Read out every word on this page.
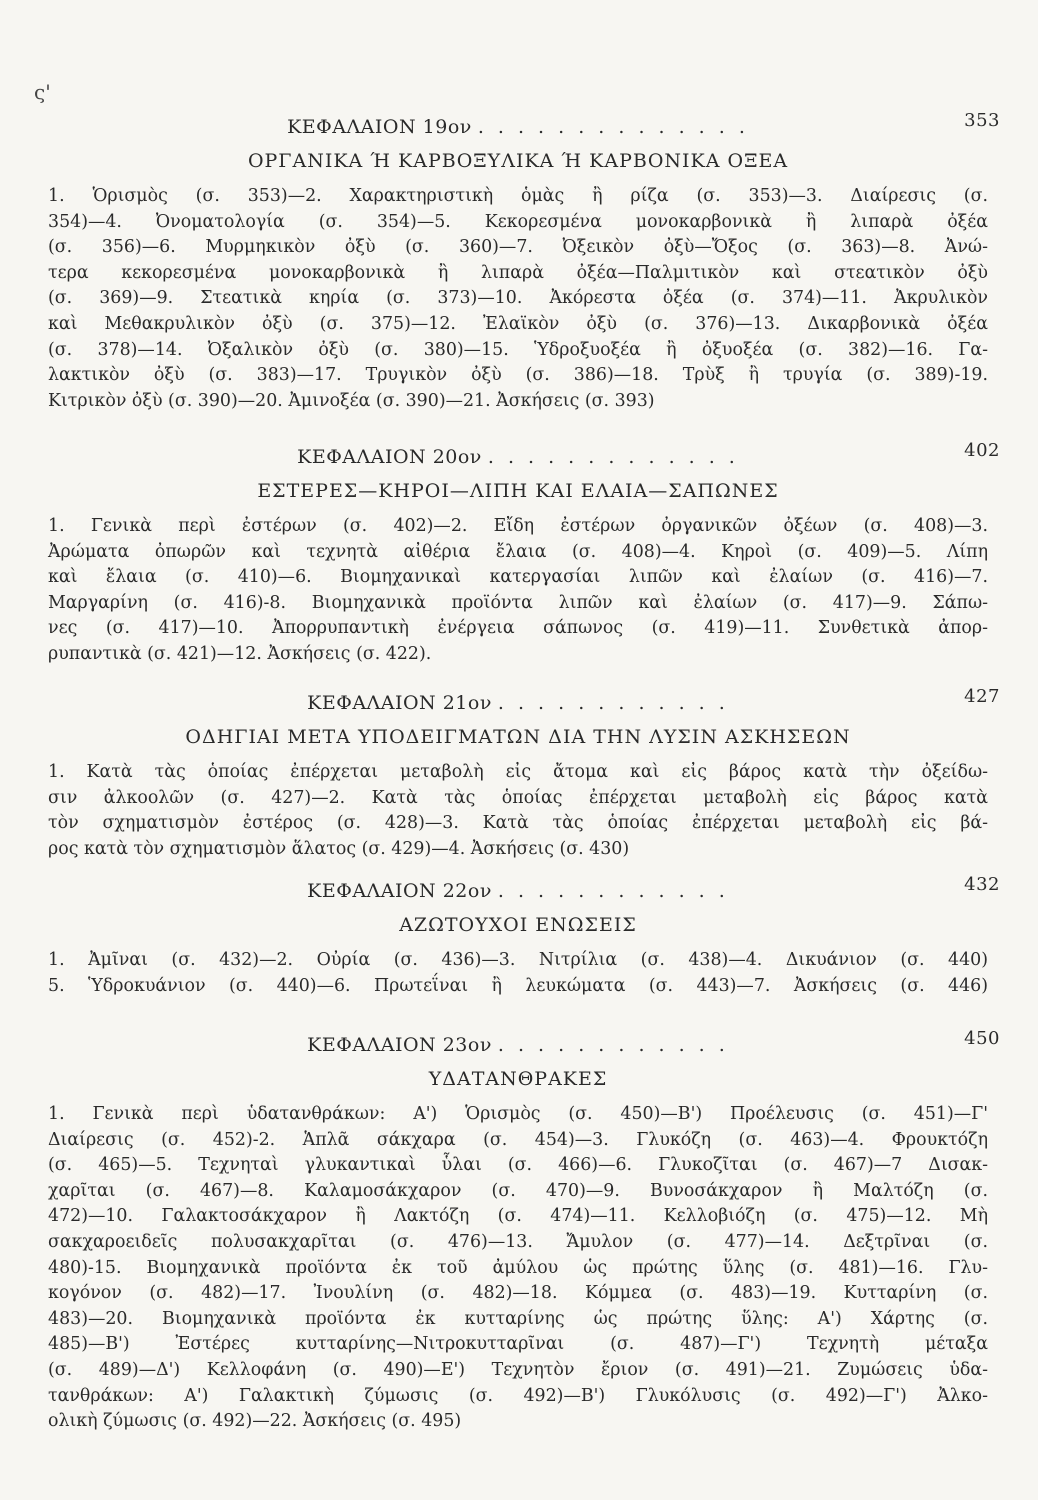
ς'
ΚΕΦΑΛΑΙΟΝ 19ον . . . . . . . . . . . . . .	353
ΟΡΓΑΝΙΚΑ Ή ΚΑΡΒΟΞΥΛΙΚΑ Ή ΚΑΡΒΟΝΙΚΑ ΟΞΕΑ
1. Ὁρισμὸς (σ. 353)—2. Χαρακτηριστικὴ ὁμὰς ἢ ρίζα (σ. 353)—3. Διαίρεσις (σ.
354)—4. Ὀνοματολογία (σ. 354)—5. Κεκορεσμένα μονοκαρβονικὰ ἢ λιπαρὰ ὀξέα
(σ. 356)—6. Μυρμηκικὸν ὀξὺ (σ. 360)—7. Ὀξεικὸν ὀξὺ—Ὄξος (σ. 363)—8. Ἀνώ-
τερα κεκορεσμένα μονοκαρβονικὰ ἢ λιπαρὰ ὀξέα—Παλμιτικὸν καὶ στεατικὸν ὀξὺ
(σ. 369)—9. Στεατικὰ κηρία (σ. 373)—10. Ἀκόρεστα ὀξέα (σ. 374)—11. Ἀκρυλικὸν
καὶ Μεθακρυλικὸν ὀξὺ (σ. 375)—12. Ἐλαϊκὸν ὀξὺ (σ. 376)—13. Δικαρβονικὰ ὀξέα
(σ. 378)—14. Ὀξαλικὸν ὀξὺ (σ. 380)—15. Ὑδροξυοξέα ἢ ὀξυοξέα (σ. 382)—16. Γα-
λακτικὸν ὀξὺ (σ. 383)—17. Τρυγικὸν ὀξὺ (σ. 386)—18. Τρὺξ ἢ τρυγία (σ. 389)-19.
Κιτρικὸν ὀξὺ (σ. 390)—20. Ἀμινοξέα (σ. 390)—21. Ἀσκήσεις (σ. 393)
ΚΕΦΑΛΑΙΟΝ 20ον . . . . . . . . . . . . .	402
ΕΣΤΕΡΕΣ—ΚΗΡΟΙ—ΛΙΠΗ ΚΑΙ ΕΛΑΙΑ—ΣΑΠΩΝΕΣ
1. Γενικὰ περὶ ἐστέρων (σ. 402)—2. Εἴδη ἐστέρων ὀργανικῶν ὀξέων (σ. 408)—3.
Ἀρώματα ὀπωρῶν καὶ τεχνητὰ αἰθέρια ἔλαια (σ. 408)—4. Κηροὶ (σ. 409)—5. Λίπη
καὶ ἔλαια (σ. 410)—6. Βιομηχανικαὶ κατεργασίαι λιπῶν καὶ ἐλαίων (σ. 416)—7.
Μαργαρίνη (σ. 416)-8. Βιομηχανικὰ προϊόντα λιπῶν καὶ ἐλαίων (σ. 417)—9. Σάπω-
νες (σ. 417)—10. Ἀπορρυπαντικὴ ἐνέργεια σάπωνος (σ. 419)—11. Συνθετικὰ ἀπορ-
ρυπαντικὰ (σ. 421)—12. Ἀσκήσεις (σ. 422).
ΚΕΦΑΛΑΙΟΝ 21ον . . . . . . . . . . . .	427
ΟΔΗΓΙΑΙ ΜΕΤΑ ΥΠΟΔΕΙΓΜΑΤΩΝ ΔΙΑ ΤΗΝ ΛΥΣΙΝ ΑΣΚΗΣΕΩΝ
1. Κατὰ τὰς ὁποίας ἐπέρχεται μεταβολὴ εἰς ἄτομα καὶ εἰς βάρος κατὰ τὴν ὀξείδω-
σιν ἀλκοολῶν (σ. 427)—2. Κατὰ τὰς ὁποίας ἐπέρχεται μεταβολὴ εἰς βάρος κατὰ
τὸν σχηματισμὸν ἐστέρος (σ. 428)—3. Κατὰ τὰς ὁποίας ἐπέρχεται μεταβολὴ εἰς βά-
ρος κατὰ τὸν σχηματισμὸν ἅλατος (σ. 429)—4. Ἀσκήσεις (σ. 430)
ΚΕΦΑΛΑΙΟΝ 22ον . . . . . . . . . . . .	432
ΑΖΩΤΟΥΧΟΙ ΕΝΩΣΕΙΣ
1. Ἀμῖναι (σ. 432)—2. Οὐρία (σ. 436)—3. Νιτρίλια (σ. 438)—4. Δικυάνιον (σ. 440)
5. Ὑδροκυάνιον (σ. 440)—6. Πρωτεΐναι ἢ λευκώματα (σ. 443)—7. Ἀσκήσεις (σ. 446)
ΚΕΦΑΛΑΙΟΝ 23ον . . . . . . . . . . . .	450
ΥΔΑΤΑΝΘΡΑΚΕΣ
1. Γενικὰ περὶ ὑδατανθράκων: Α') Ὁρισμὸς (σ. 450)—Β') Προέλευσις (σ. 451)—Γ'
Διαίρεσις (σ. 452)-2. Ἁπλᾶ σάκχαρα (σ. 454)—3. Γλυκόζη (σ. 463)—4. Φρουκτόζη
(σ. 465)—5. Τεχνηταὶ γλυκαντικαὶ ὗλαι (σ. 466)—6. Γλυκοζῖται (σ. 467)—7 Δισακ-
χαρῖται (σ. 467)—8. Καλαμοσάκχαρον (σ. 470)—9. Βυνοσάκχαρον ἢ Μαλτόζη (σ.
472)—10. Γαλακτοσάκχαρον ἢ Λακτόζη (σ. 474)—11. Κελλοβιόζη (σ. 475)—12. Μὴ
σακχαροειδεῖς πολυσακχαρῖται (σ. 476)—13. Ἄμυλον (σ. 477)—14. Δεξτρῖναι (σ.
480)-15. Βιομηχανικὰ προϊόντα ἐκ τοῦ ἀμύλου ὡς πρώτης ὕλης (σ. 481)—16. Γλυ-
κογόνον (σ. 482)—17. Ἰνουλίνη (σ. 482)—18. Κόμμεα (σ. 483)—19. Κυτταρίνη (σ.
483)—20. Βιομηχανικὰ προϊόντα ἐκ κυτταρίνης ὡς πρώτης ὕλης: Α') Χάρτης (σ.
485)—Β') Ἐστέρες κυτταρίνης—Νιτροκυτταρῖναι (σ. 487)—Γ') Τεχνητὴ μέταξα
(σ. 489)—Δ') Κελλοφάνη (σ. 490)—Ε') Τεχνητὸν ἔριον (σ. 491)—21. Ζυμώσεις ὑδα-
τανθράκων: Α') Γαλακτικὴ ζύμωσις (σ. 492)—Β') Γλυκόλυσις (σ. 492)—Γ') Ἀλκο-
ολικὴ ζύμωσις (σ. 492)—22. Ἀσκήσεις (σ. 495)
